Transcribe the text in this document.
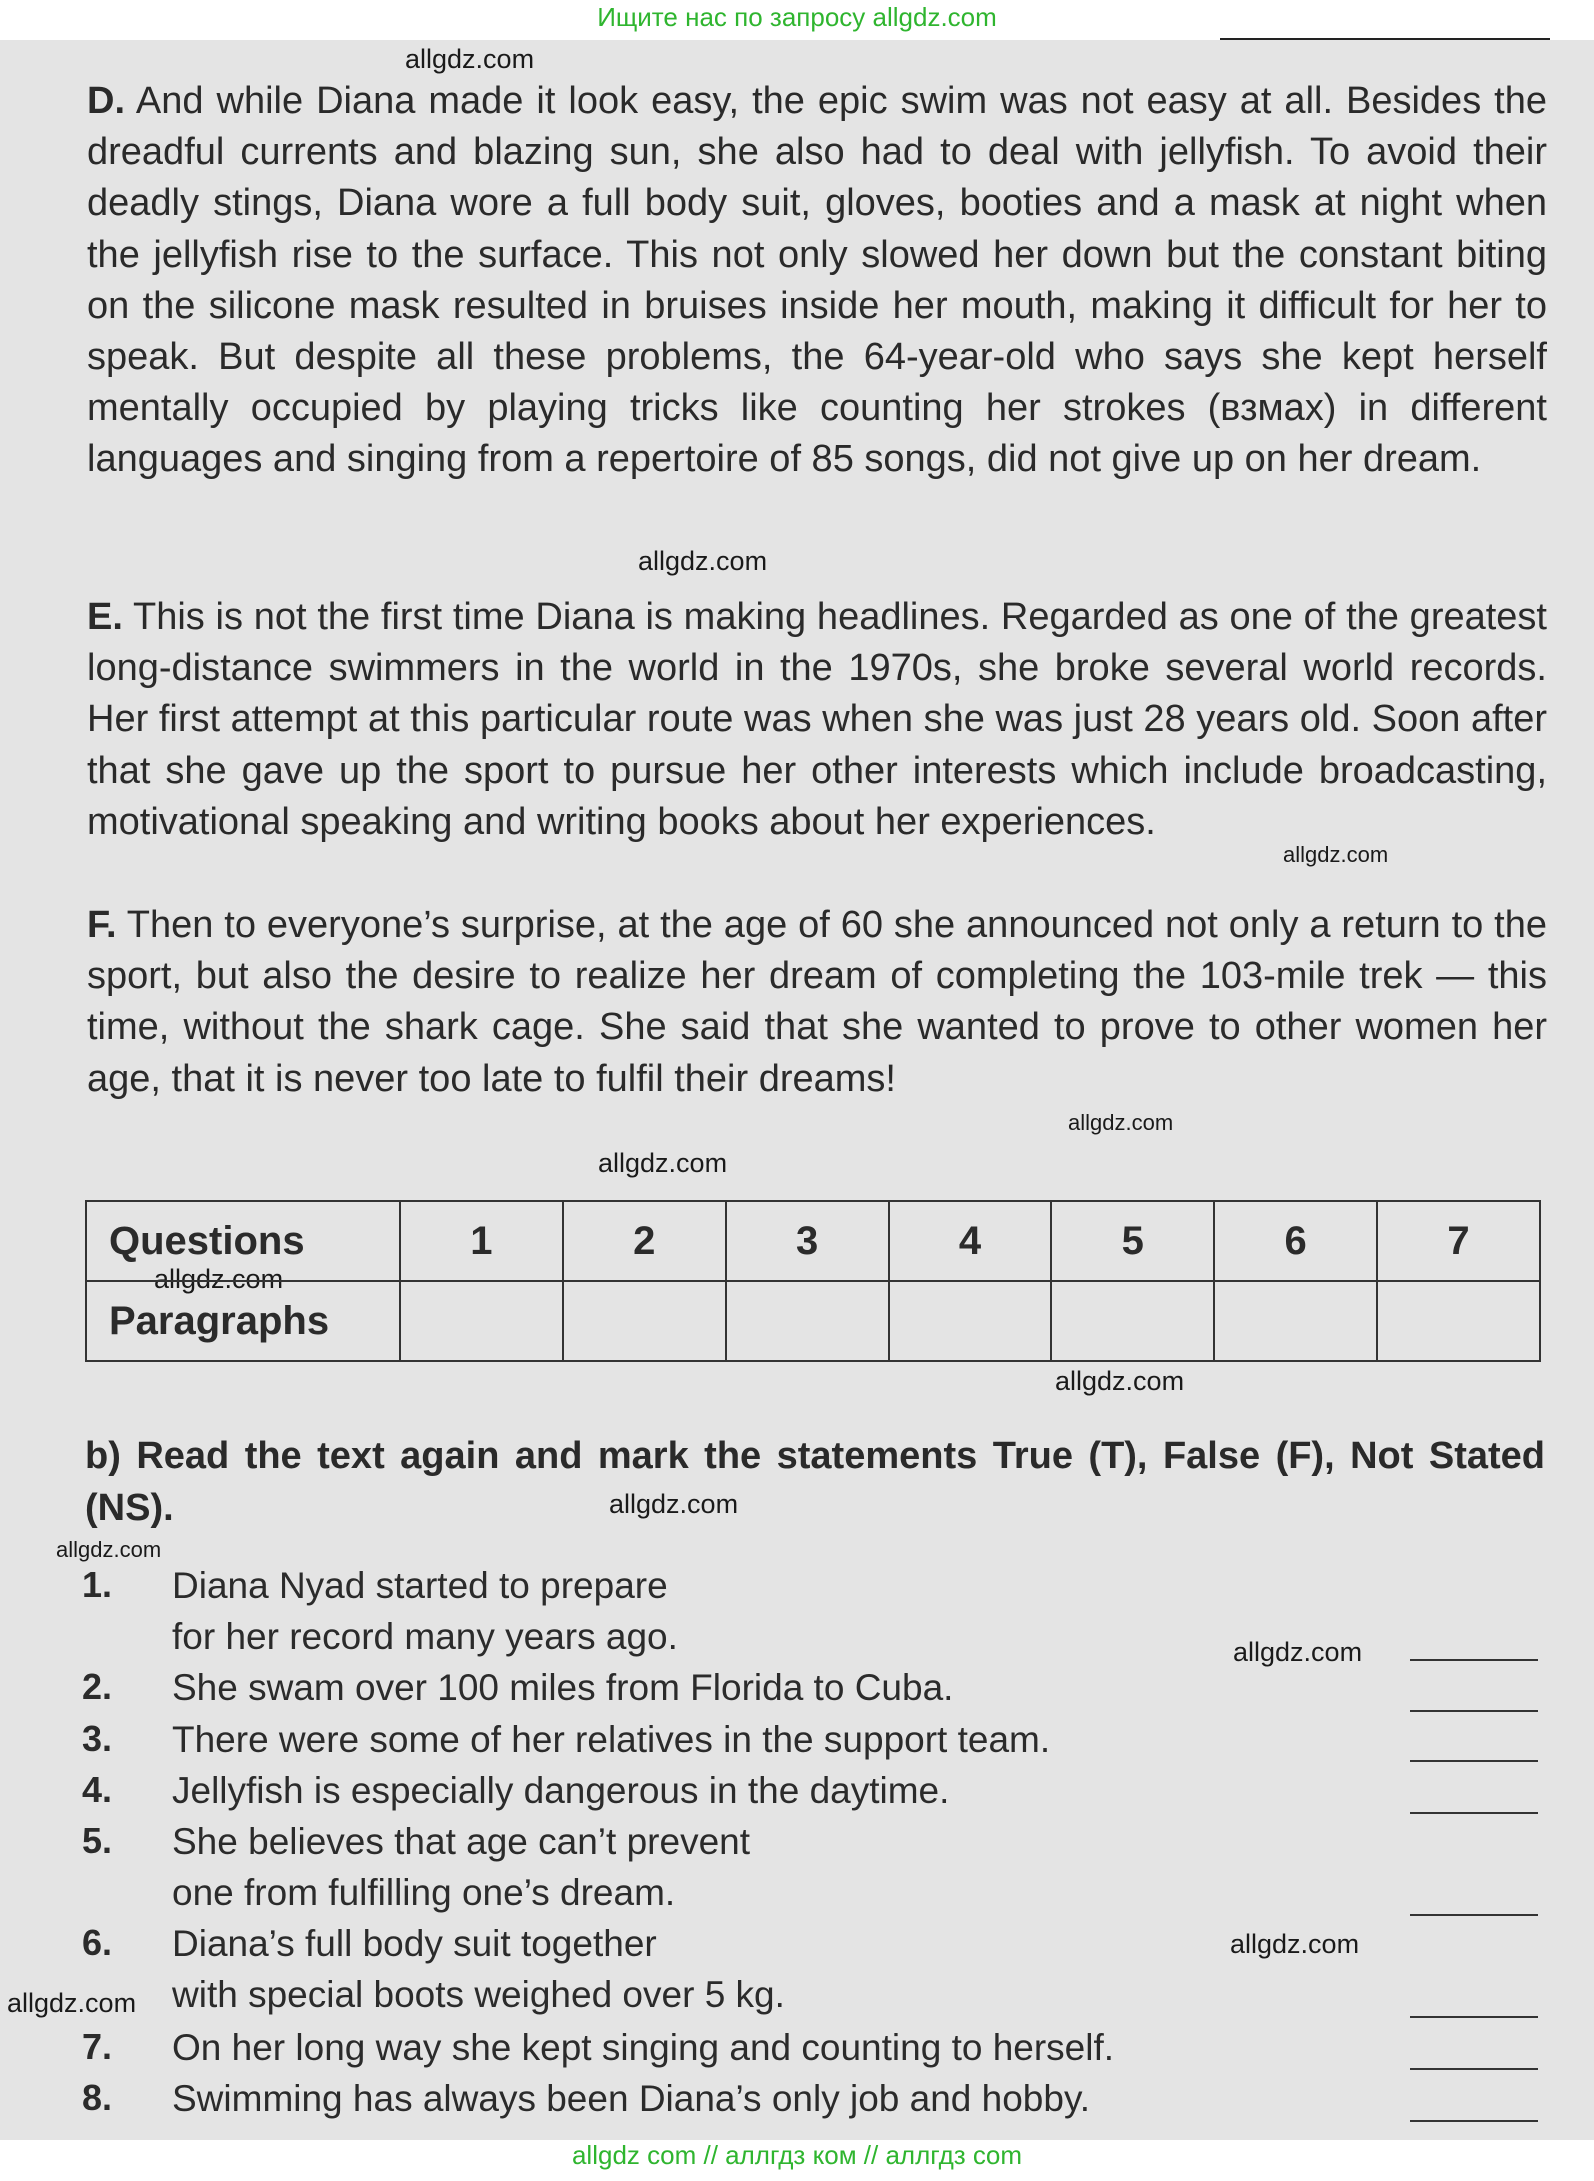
Ищите нас по запросу allgdz.com
allgdz.com
allgdz.com
allgdz.com
allgdz.com
allgdz.com
allgdz.com
allgdz.com
allgdz.com
allgdz.com
allgdz.com
allgdz.com
allgdz.com
D. And while Diana made it look easy, the epic swim was not easy at all. Besides the dreadful currents and blazing sun, she also had to deal with jellyfish. To avoid their deadly stings, Diana wore a full body suit, gloves, booties and a mask at night when the jellyfish rise to the surface. This not only slowed her down but the constant biting on the silicone mask resulted in bruises inside her mouth, making it difficult for her to speak. But despite all these problems, the 64-year-old who says she kept herself mentally occupied by playing tricks like counting her strokes (взмах) in different languages and singing from a repertoire of 85 songs, did not give up on her dream.
E. This is not the first time Diana is making headlines. Regarded as one of the greatest long-distance swimmers in the world in the 1970s, she broke several world records. Her first attempt at this particular route was when she was just 28 years old. Soon after that she gave up the sport to pursue her other interests which include broadcasting, motivational speaking and writing books about her experiences.
F. Then to everyone’s surprise, at the age of 60 she announced not only a return to the sport, but also the desire to realize her dream of completing the 103-mile trek — this time, without the shark cage. She said that she wanted to prove to other women her age, that it is never too late to fulfil their dreams!
Questions	1	2	3	4	5	6	7
Paragraphs							
b) Read the text again and mark the statements True (T), False (F), Not Stated (NS).
1. Diana Nyad started to prepare
for her record many years ago.
2. She swam over 100 miles from Florida to Cuba.
3. There were some of her relatives in the support team.
4. Jellyfish is especially dangerous in the daytime.
5. She believes that age can’t prevent
one from fulfilling one’s dream.
6. Diana’s full body suit together
with special boots weighed over 5 kg.
7. On her long way she kept singing and counting to herself.
8. Swimming has always been Diana’s only job and hobby.
allgdz com // аллгдз ком // аллгдз com
